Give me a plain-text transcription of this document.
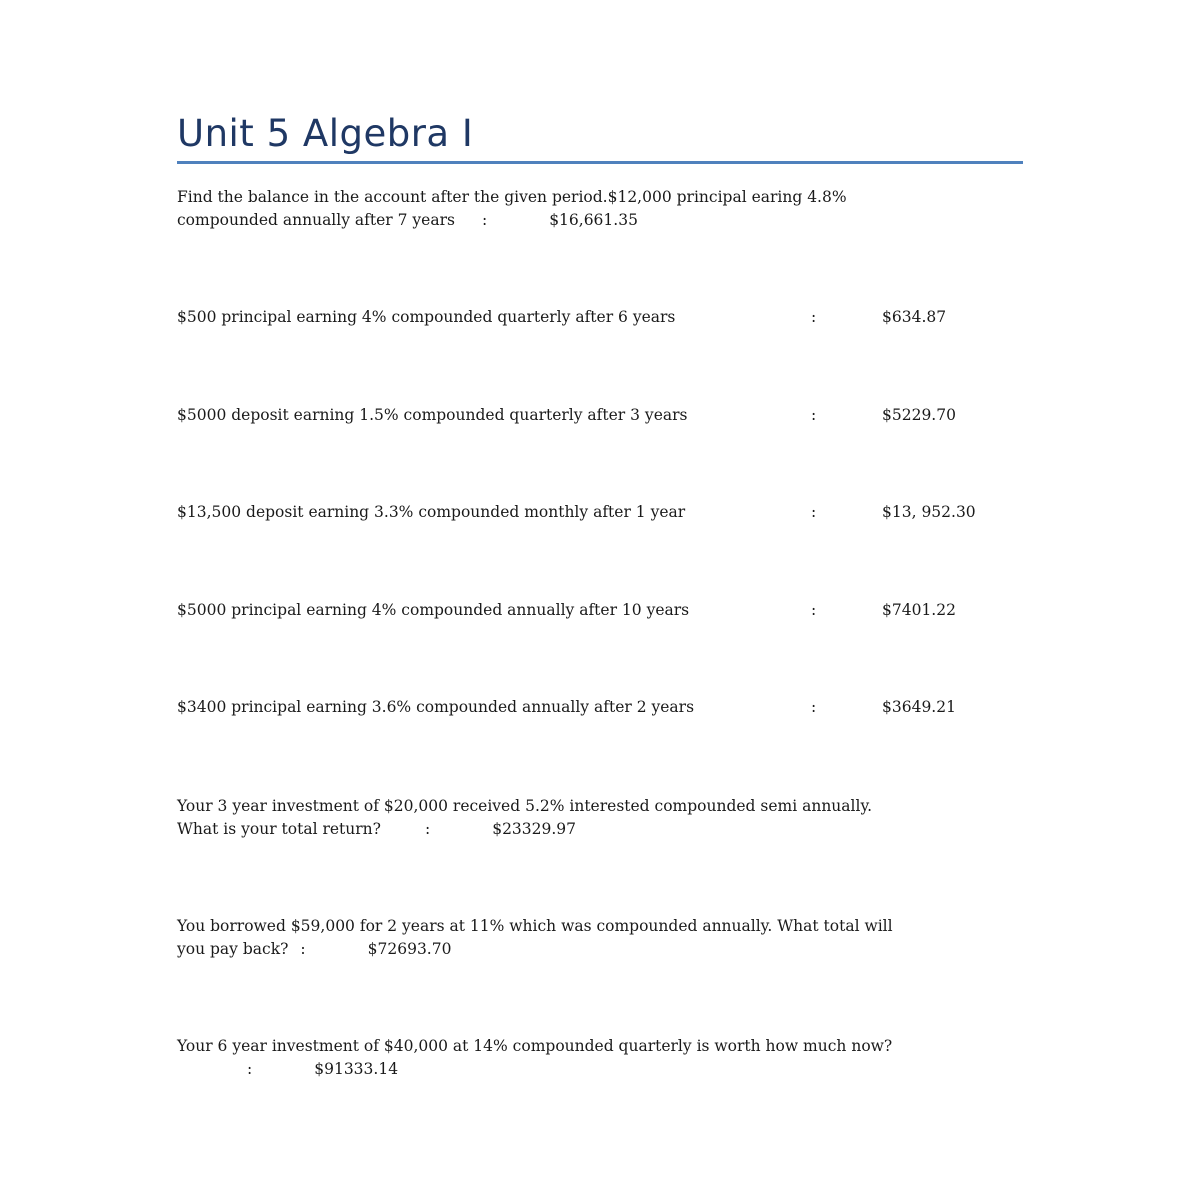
Unit 5 Algebra I
Find the balance in the account after the given period.$12,000 principal earing 4.8%
compounded annually after 7 years :	$16,661.35
$500 principal earning 4% compounded quarterly after 6 years	:	$634.87
$5000 deposit earning 1.5% compounded quarterly after 3 years	:	$5229.70
$13,500 deposit earning 3.3% compounded monthly after 1 year	:	$13, 952.30
$5000 principal earning 4% compounded annually after 10 years	:	$7401.22
$3400 principal earning 3.6% compounded annually after 2 years	:	$3649.21
Your 3 year investment of $20,000 received 5.2% interested compounded semi annually.
What is your total return?	:	$23329.97
You borrowed $59,000 for 2 years at 11% which was compounded annually. What total will
you pay back? :	$72693.70
Your 6 year investment of $40,000 at 14% compounded quarterly is worth how much now?
:	$91333.14
